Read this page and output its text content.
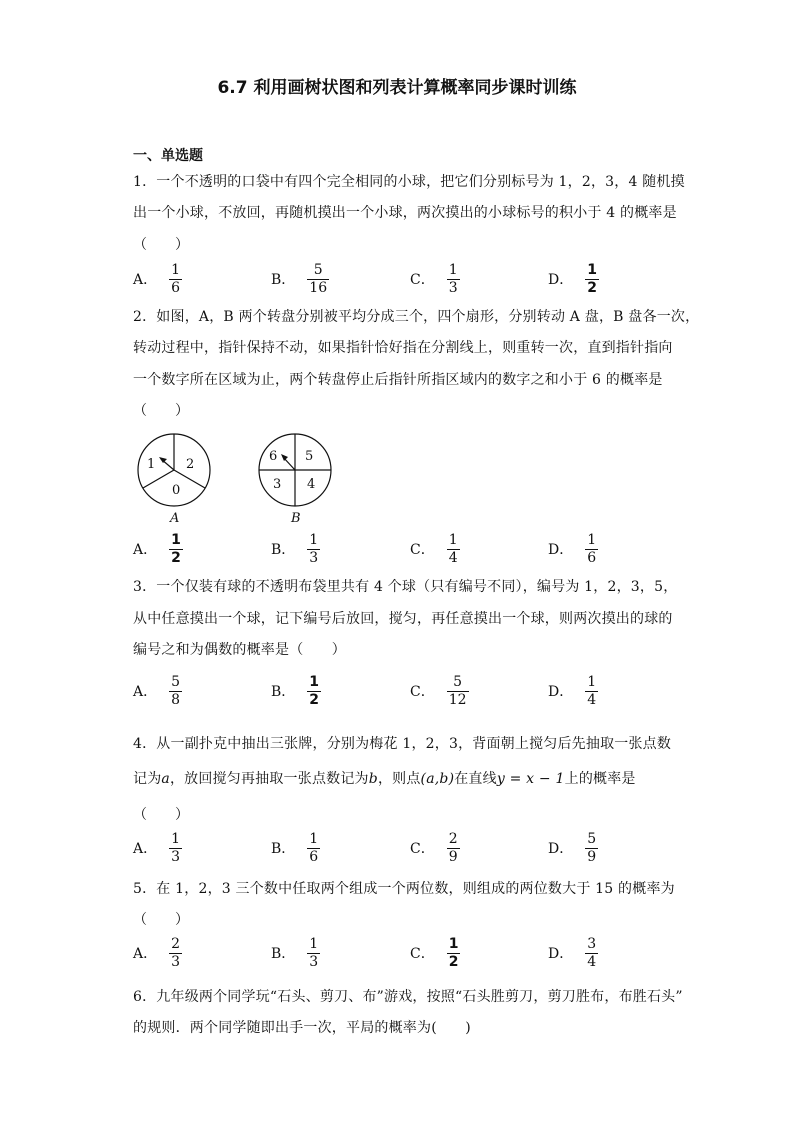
6.7 利用画树状图和列表计算概率同步课时训练
一、单选题
1．一个不透明的口袋中有四个完全相同的小球，把它们分别标号为 1，2，3，4 随机摸
出一个小球，不放回，再随机摸出一个小球，两次摸出的小球标号的积小于 4 的概率是
（　　）
2．如图，A，B 两个转盘分别被平均分成三个，四个扇形，分别转动 A 盘，B 盘各一次，
转动过程中，指针保持不动，如果指针恰好指在分割线上，则重转一次，直到指针指向
一个数字所在区域为止，两个转盘停止后指针所指区域内的数字之和小于 6 的概率是
（　　）
1 2
0
A
6 5
3 4
B
3．一个仅装有球的不透明布袋里共有 4 个球（只有编号不同），编号为 1，2，3，5，
从中任意摸出一个球，记下编号后放回，搅匀，再任意摸出一个球，则两次摸出的球的
编号之和为偶数的概率是（　　）
4．从一副扑克中抽出三张牌，分别为梅花 1，2，3，背面朝上搅匀后先抽取一张点数
记为a，放回搅匀再抽取一张点数记为b，则点(a,b)在直线y = x − 1上的概率是
（　　）
5．在 1，2，3 三个数中任取两个组成一个两位数，则组成的两位数大于 15 的概率为
（　　）
6．九年级两个同学玩“石头、剪刀、布”游戏，按照“石头胜剪刀，剪刀胜布，布胜石头”
的规则．两个同学随即出手一次，平局的概率为(　　)
A． $\frac{1}{6}$	B． $\frac{5}{16}$	C． $\frac{1}{3}$	D． $\frac{1}{2}$
A． $\frac{1}{2}$	B． $\frac{1}{3}$	C． $\frac{1}{4}$	D． $\frac{1}{6}$
A． $\frac{5}{8}$	B． $\frac{1}{2}$	C． $\frac{5}{12}$	D． $\frac{1}{4}$
A． $\frac{1}{3}$	B． $\frac{1}{6}$	C． $\frac{2}{9}$	D． $\frac{5}{9}$
A． $\frac{2}{3}$	B． $\frac{1}{3}$	C． $\frac{1}{2}$	D． $\frac{3}{4}$
